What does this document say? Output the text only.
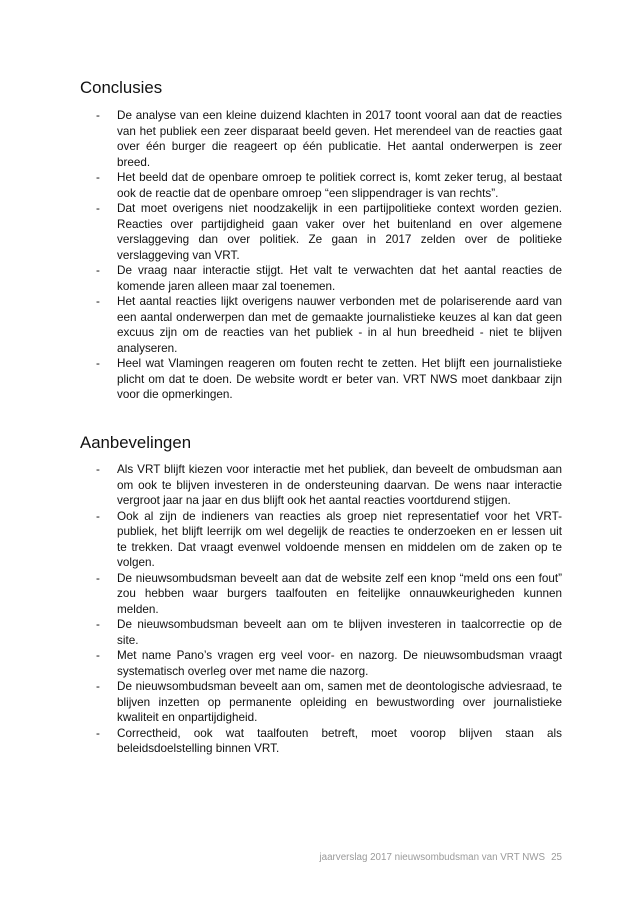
Conclusies
-	De analyse van een kleine duizend klachten in 2017 toont vooral aan dat de reacties
van het publiek een zeer disparaat beeld geven. Het merendeel van de reacties gaat
over één burger die reageert op één publicatie. Het aantal onderwerpen is zeer
breed.
-	Het beeld dat de openbare omroep te politiek correct is, komt zeker terug, al bestaat
ook de reactie dat de openbare omroep “een slippendrager is van rechts”.
-	Dat moet overigens niet noodzakelijk in een partijpolitieke context worden gezien.
Reacties over partijdigheid gaan vaker over het buitenland en over algemene
verslaggeving dan over politiek. Ze gaan in 2017 zelden over de politieke
verslaggeving van VRT.
-	De vraag naar interactie stijgt. Het valt te verwachten dat het aantal reacties de
komende jaren alleen maar zal toenemen.
-	Het aantal reacties lijkt overigens nauwer verbonden met de polariserende aard van
een aantal onderwerpen dan met de gemaakte journalistieke keuzes al kan dat geen
excuus zijn om de reacties van het publiek - in al hun breedheid - niet te blijven
analyseren.
-	Heel wat Vlamingen reageren om fouten recht te zetten. Het blijft een journalistieke
plicht om dat te doen. De website wordt er beter van. VRT NWS moet dankbaar zijn
voor die opmerkingen.
Aanbevelingen
-	Als VRT blijft kiezen voor interactie met het publiek, dan beveelt de ombudsman aan
om ook te blijven investeren in de ondersteuning daarvan. De wens naar interactie
vergroot jaar na jaar en dus blijft ook het aantal reacties voortdurend stijgen.
-	Ook al zijn de indieners van reacties als groep niet representatief voor het VRT-
publiek, het blijft leerrijk om wel degelijk de reacties te onderzoeken en er lessen uit
te trekken. Dat vraagt evenwel voldoende mensen en middelen om de zaken op te
volgen.
-	De nieuwsombudsman beveelt aan dat de website zelf een knop “meld ons een fout”
zou hebben waar burgers taalfouten en feitelijke onnauwkeurigheden kunnen
melden.
-	De nieuwsombudsman beveelt aan om te blijven investeren in taalcorrectie op de
site.
-	Met name Pano’s vragen erg veel voor- en nazorg. De nieuwsombudsman vraagt
systematisch overleg over met name die nazorg.
-	De nieuwsombudsman beveelt aan om, samen met de deontologische adviesraad, te
blijven inzetten op permanente opleiding en bewustwording over journalistieke
kwaliteit en onpartijdigheid.
-	Correctheid, ook wat taalfouten betreft, moet voorop blijven staan als
beleidsdoelstelling binnen VRT.
jaarverslag 2017 nieuwsombudsman van VRT NWS 25
